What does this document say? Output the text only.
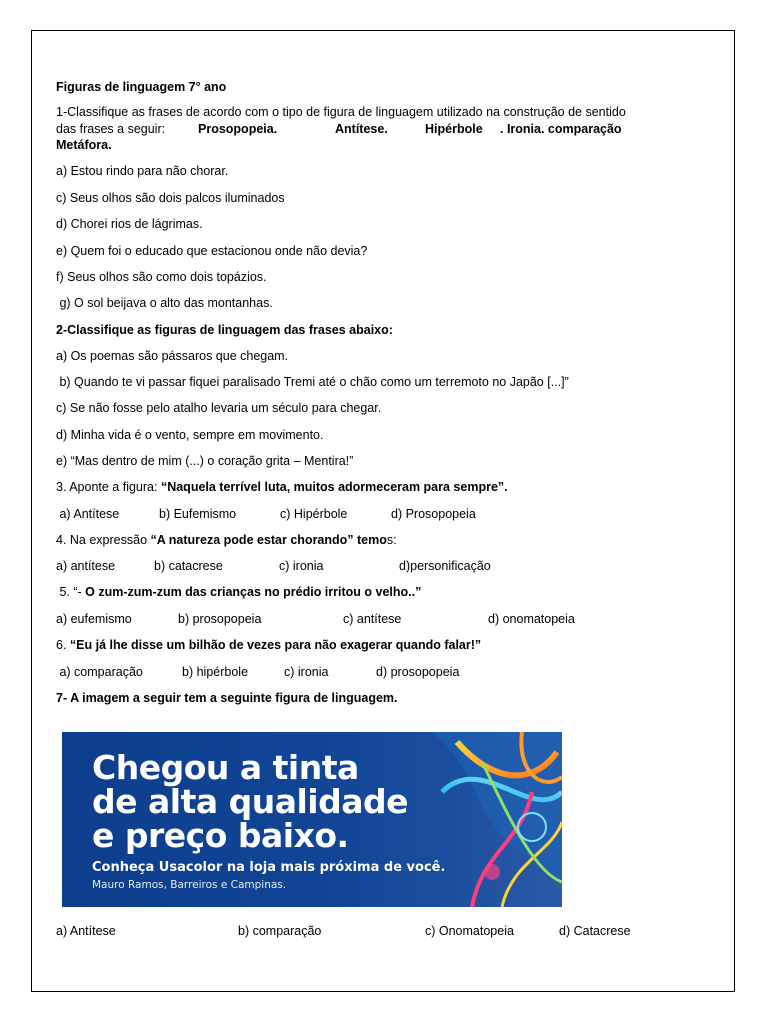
Figuras de linguagem 7° ano
1-Classifique as frases de acordo com o tipo de figura de linguagem utilizado na construção de sentido
das frases a seguir:	Prosopopeia.	Antítese.	Hipérbole . Ironia. comparação
Metáfora.
a) Estou rindo para não chorar.
c) Seus olhos são dois palcos iluminados
d) Chorei rios de lágrimas.
e) Quem foi o educado que estacionou onde não devia?
f) Seus olhos são como dois topázios.
g) O sol beijava o alto das montanhas.
2-Classifique as figuras de linguagem das frases abaixo:
a) Os poemas são pássaros que chegam.
b) Quando te vi passar fiquei paralisado Tremi até o chão como um terremoto no Japão [...]”
c) Se não fosse pelo atalho levaria um século para chegar.
d) Minha vida é o vento, sempre em movimento.
e) “Mas dentro de mim (...) o coração grita – Mentira!”
3. Aponte a figura: “Naquela terrível luta, muitos adormeceram para sempre”.
a) Antítese	b) Eufemismo	c) Hipérbole	d) Prosopopeia
4. Na expressão “A natureza pode estar chorando” temos:
a) antítese	b) catacrese	c) ironia	d)personificação
5. “- O zum-zum-zum das crianças no prédio irritou o velho..”
a) eufemismo	b) prosopopeia	c) antítese	d) onomatopeia
6. “Eu já lhe disse um bilhão de vezes para não exagerar quando falar!”
a) comparação	b) hipérbole	c) ironia	d) prosopopeia
7- A imagem a seguir tem a seguinte figura de linguagem.
Chegou a tinta
de alta qualidade
e preço baixo.
Conheça Usacolor na loja mais próxima de você.
Mauro Ramos, Barreiros e Campinas.
a) Antítese	b) comparação	c) Onomatopeia	d) Catacrese
